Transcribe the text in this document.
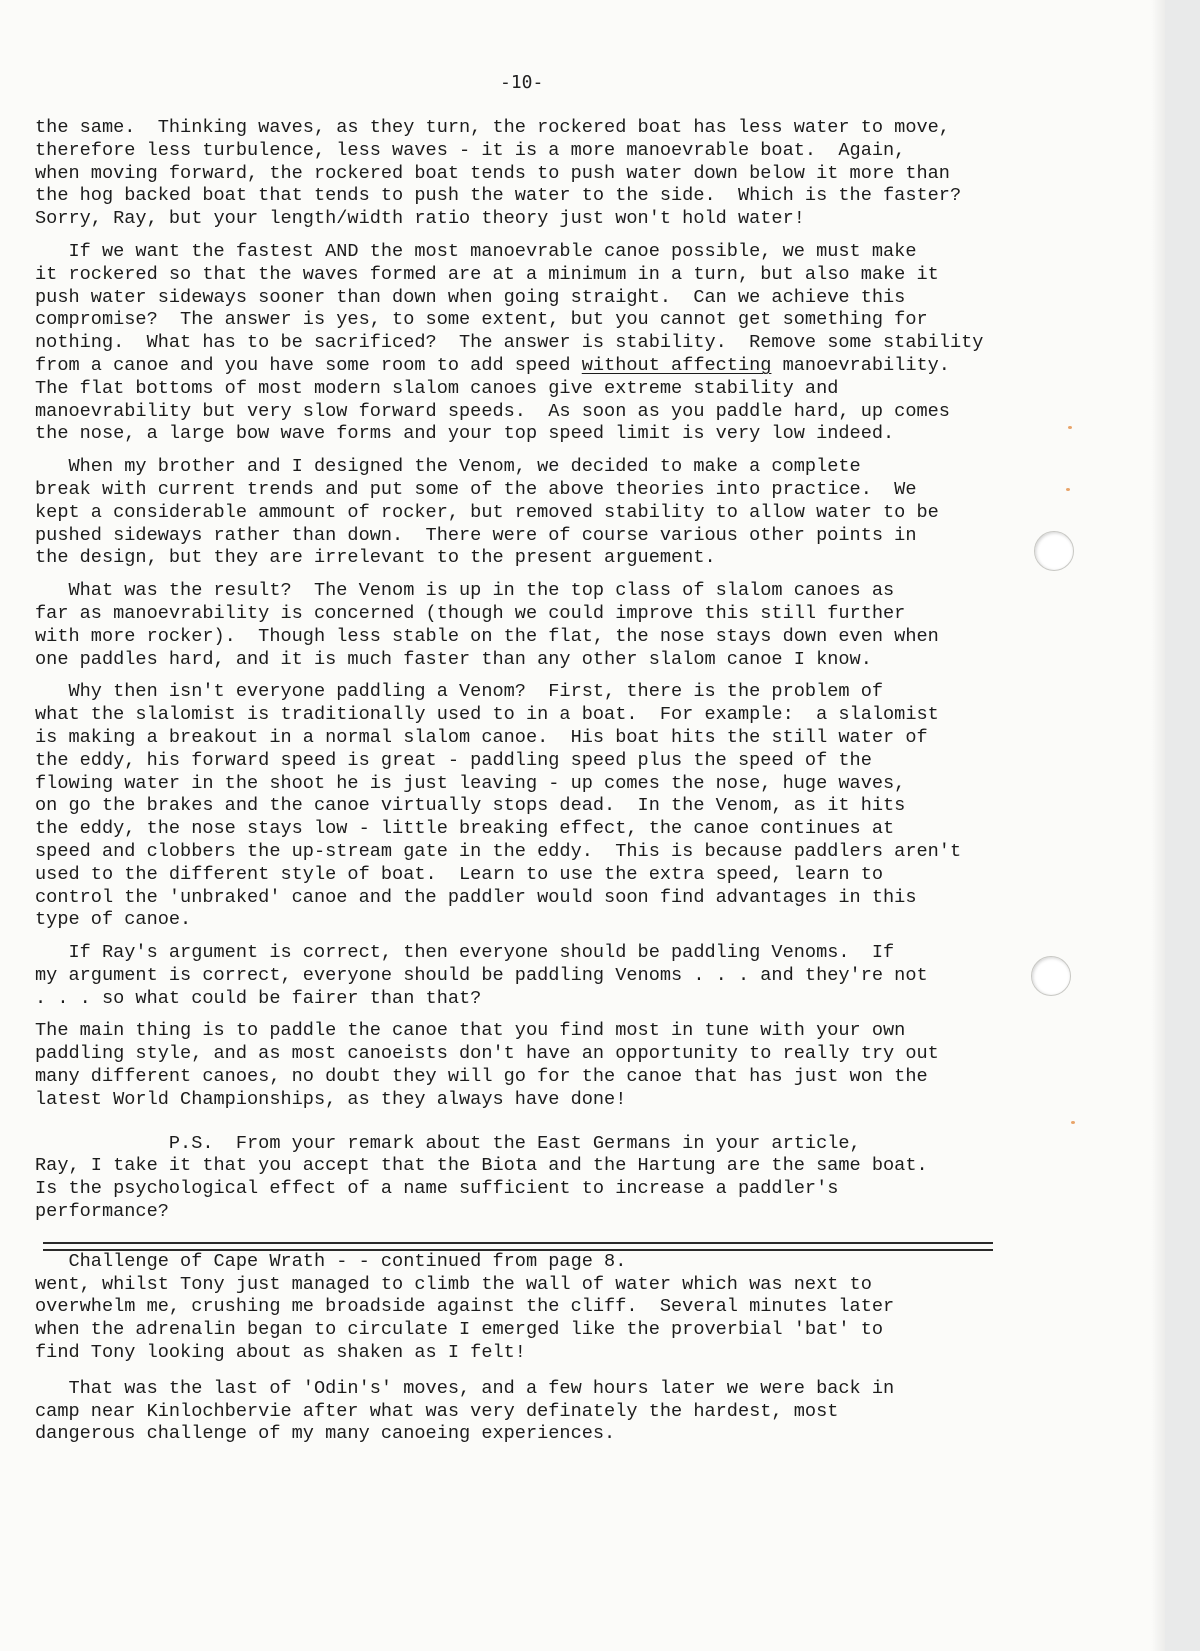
-10-

the same.  Thinking waves, as they turn, the rockered boat has less water to move,
therefore less turbulence, less waves - it is a more manoevrable boat.  Again,
when moving forward, the rockered boat tends to push water down below it more than
the hog backed boat that tends to push the water to the side.  Which is the faster?
Sorry, Ray, but your length/width ratio theory just won't hold water!

If we want the fastest AND the most manoevrable canoe possible, we must make
it rockered so that the waves formed are at a minimum in a turn, but also make it
push water sideways sooner than down when going straight.  Can we achieve this
compromise?  The answer is yes, to some extent, but you cannot get something for
nothing.  What has to be sacrificed?  The answer is stability.  Remove some stability
from a canoe and you have some room to add speed without affecting manoevrability.
The flat bottoms of most modern slalom canoes give extreme stability and
manoevrability but very slow forward speeds.  As soon as you paddle hard, up comes
the nose, a large bow wave forms and your top speed limit is very low indeed.

When my brother and I designed the Venom, we decided to make a complete
break with current trends and put some of the above theories into practice.  We
kept a considerable ammount of rocker, but removed stability to allow water to be
pushed sideways rather than down.  There were of course various other points in
the design, but they are irrelevant to the present arguement.

What was the result?  The Venom is up in the top class of slalom canoes as
far as manoevrability is concerned (though we could improve this still further
with more rocker).  Though less stable on the flat, the nose stays down even when
one paddles hard, and it is much faster than any other slalom canoe I know.

Why then isn't everyone paddling a Venom?  First, there is the problem of
what the slalomist is traditionally used to in a boat.  For example:  a slalomist
is making a breakout in a normal slalom canoe.  His boat hits the still water of
the eddy, his forward speed is great - paddling speed plus the speed of the
flowing water in the shoot he is just leaving - up comes the nose, huge waves,
on go the brakes and the canoe virtually stops dead.  In the Venom, as it hits
the eddy, the nose stays low - little breaking effect, the canoe continues at
speed and clobbers the up-stream gate in the eddy.  This is because paddlers aren't
used to the different style of boat.  Learn to use the extra speed, learn to
control the 'unbraked' canoe and the paddler would soon find advantages in this
type of canoe.

If Ray's argument is correct, then everyone should be paddling Venoms.  If
my argument is correct, everyone should be paddling Venoms . . . and they're not
. . . so what could be fairer than that?

The main thing is to paddle the canoe that you find most in tune with your own
paddling style, and as most canoeists don't have an opportunity to really try out
many different canoes, no doubt they will go for the canoe that has just won the
latest World Championships, as they always have done!

P.S.  From your remark about the East Germans in your article,
Ray, I take it that you accept that the Biota and the Hartung are the same boat.
Is the psychological effect of a name sufficient to increase a paddler's
performance?

Challenge of Cape Wrath - - continued from page 8.

went, whilst Tony just managed to climb the wall of water which was next to
overwhelm me, crushing me broadside against the cliff.  Several minutes later
when the adrenalin began to circulate I emerged like the proverbial 'bat' to
find Tony looking about as shaken as I felt!

That was the last of 'Odin's' moves, and a few hours later we were back in
camp near Kinlochbervie after what was very definately the hardest, most
dangerous challenge of my many canoeing experiences.
